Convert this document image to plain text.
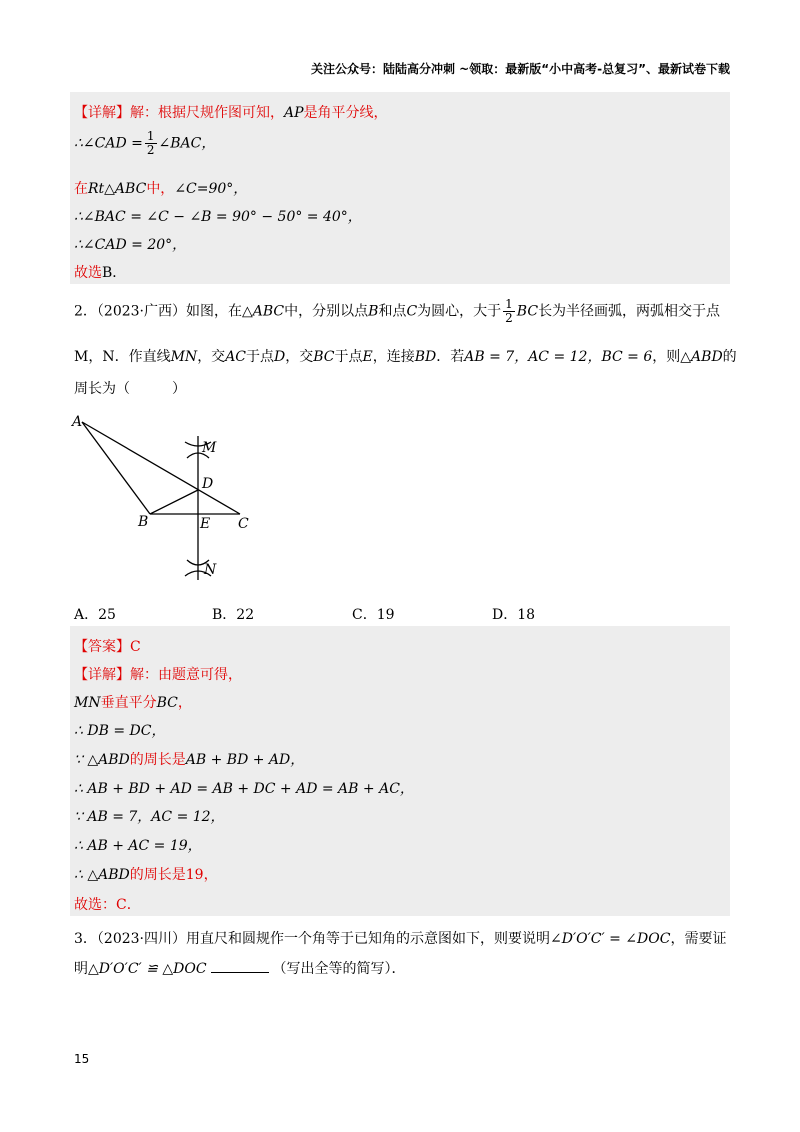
关注公众号：陆陆高分冲刺 ~领取：最新版“小中高考-总复习”、最新试卷下载
【详解】解：根据尺规作图可知，AP是角平分线，
∴∠CAD = $\frac{1}{2}$ ∠BAC，
在Rt△ABC中，∠C=90°，
∴∠BAC = ∠C − ∠B = 90° − 50° = 40°，
∴∠CAD = 20°，
故选B．
2．（2023·广西）如图，在△ABC中，分别以点B和点C为圆心，大于 $\frac{1}{2}$ BC长为半径画弧，两弧相交于点
M，N．作直线MN，交AC于点D，交BC于点E，连接BD．若AB = 7，AC = 12，BC = 6，则△ABD的
周长为（　　　）
A
M
D
B	E C
N
A．25	B．22	C．19	D．18
【答案】C
【详解】解：由题意可得，
MN垂直平分BC，
∴ DB = DC，
∵ △ABD的周长是AB + BD + AD，
∴ AB + BD + AD = AB + DC + AD = AB + AC，
∵ AB = 7，AC = 12，
∴ AB + AC = 19，
∴ △ABD的周长是19，
故选：C．
3．（2023·四川）用直尺和圆规作一个角等于已知角的示意图如下，则要说明∠D′O′C′ = ∠DOC，需要证
明△D′O′C′ ≌ △DOC	（写出全等的简写）．
15
